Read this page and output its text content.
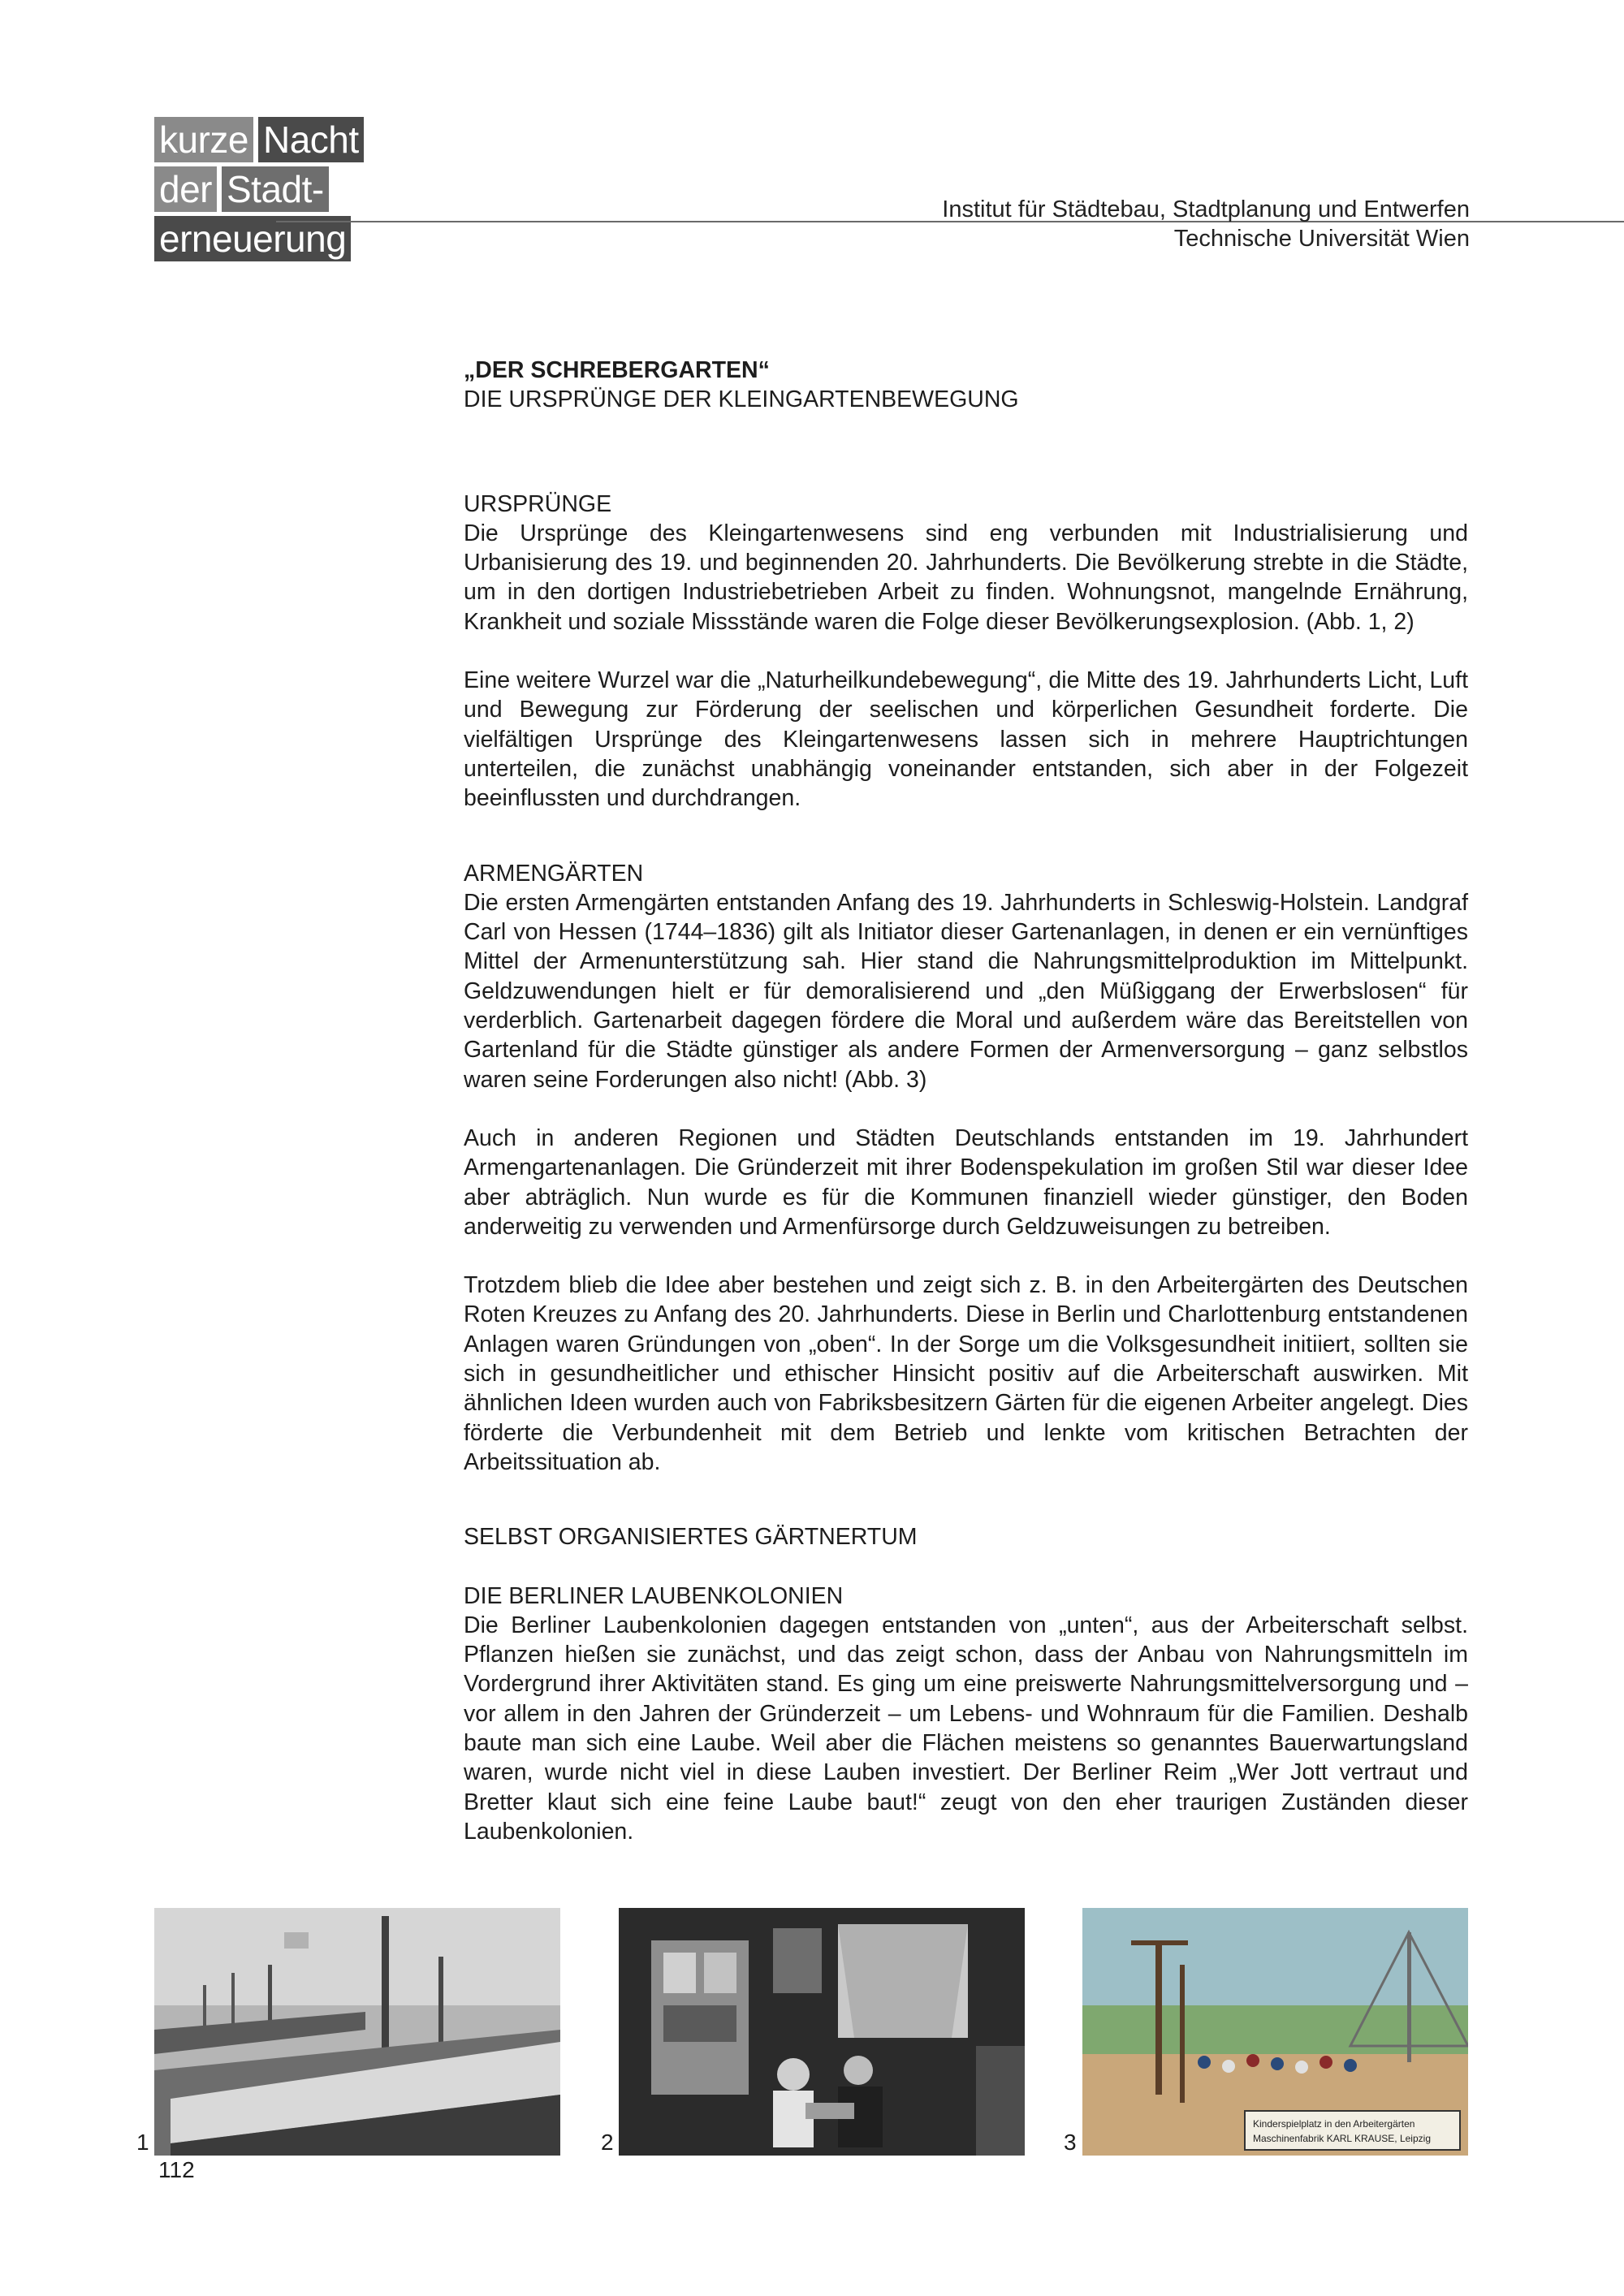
kurze Nacht
der Stadt-
erneuerung
Institut für Städtebau, Stadtplanung und Entwerfen
Technische Universität Wien
„DER SCHREBERGARTEN“
DIE URSPRÜNGE DER KLEINGARTENBEWEGUNG
URSPRÜNGE

Die Ursprünge des Kleingartenwesens sind eng verbunden mit Industrialisierung und Urbanisierung des 19. und beginnenden 20. Jahrhunderts. Die Bevölkerung strebte in die Städte, um in den dortigen Industriebetrieben Arbeit zu finden. Wohnungsnot, mangelnde Ernährung, Krankheit und soziale Missstände waren die Folge dieser Bevölkerungsexplosion. (Abb. 1, 2)

Eine weitere Wurzel war die „Naturheilkundebewegung“, die Mitte des 19. Jahrhunderts Licht, Luft und Bewegung zur Förderung der seelischen und körperlichen Gesundheit forderte. Die vielfältigen Ursprünge des Kleingartenwesens lassen sich in mehrere Hauptrichtungen unterteilen, die zunächst unabhängig voneinander entstanden, sich aber in der Folgezeit beeinflussten und durchdrangen.

ARMENGÄRTEN

Die ersten Armengärten entstanden Anfang des 19. Jahrhunderts in Schleswig-Holstein. Landgraf Carl von Hessen (1744–1836) gilt als Initiator dieser Gartenanlagen, in denen er ein vernünftiges Mittel der Armenunterstützung sah. Hier stand die Nahrungsmittelproduktion im Mittelpunkt. Geldzuwendungen hielt er für demoralisierend und „den Müßiggang der Erwerbslosen“ für verderblich. Gartenarbeit dagegen fördere die Moral und außerdem wäre das Bereitstellen von Gartenland für die Städte günstiger als andere Formen der Armenversorgung – ganz selbstlos waren seine Forderungen also nicht! (Abb. 3)

Auch in anderen Regionen und Städten Deutschlands entstanden im 19. Jahrhundert Armengartenanlagen. Die Gründerzeit mit ihrer Bodenspekulation im großen Stil war dieser Idee aber abträglich. Nun wurde es für die Kommunen finanziell wieder günstiger, den Boden anderweitig zu verwenden und Armenfürsorge durch Geldzuweisungen zu betreiben.

Trotzdem blieb die Idee aber bestehen und zeigt sich z. B. in den Arbeitergärten des Deutschen Roten Kreuzes zu Anfang des 20. Jahrhunderts. Diese in Berlin und Charlottenburg entstandenen Anlagen waren Gründungen von „oben“. In der Sorge um die Volksgesundheit initiiert, sollten sie sich in gesundheitlicher und ethischer Hinsicht positiv auf die Arbeiterschaft auswirken. Mit ähnlichen Ideen wurden auch von Fabriksbesitzern Gärten für die eigenen Arbeiter angelegt. Dies förderte die Verbundenheit mit dem Betrieb und lenkte vom kritischen Betrachten der Arbeitssituation ab.

SELBST ORGANISIERTES GÄRTNERTUM
DIE BERLINER LAUBENKOLONIEN

Die Berliner Laubenkolonien dagegen entstanden von „unten“, aus der Arbeiterschaft selbst. Pflanzen hießen sie zunächst, und das zeigt schon, dass der Anbau von Nahrungsmitteln im Vordergrund ihrer Aktivitäten stand. Es ging um eine preiswerte Nahrungsmittelversorgung und – vor allem in den Jahren der Gründerzeit – um Lebens- und Wohnraum für die Familien. Deshalb baute man sich eine Laube. Weil aber die Flächen meistens so genanntes Bauerwartungsland waren, wurde nicht viel in diese Lauben investiert. Der Berliner Reim „Wer Jott vertraut und Bretter klaut sich eine feine Laube baut!“ zeugt von den eher traurigen Zuständen dieser Laubenkolonien.

1	2
Kinderspielplatz in den Arbeitergärten
Maschinenfabrik KARL KRAUSE, Leipzig
3
112
